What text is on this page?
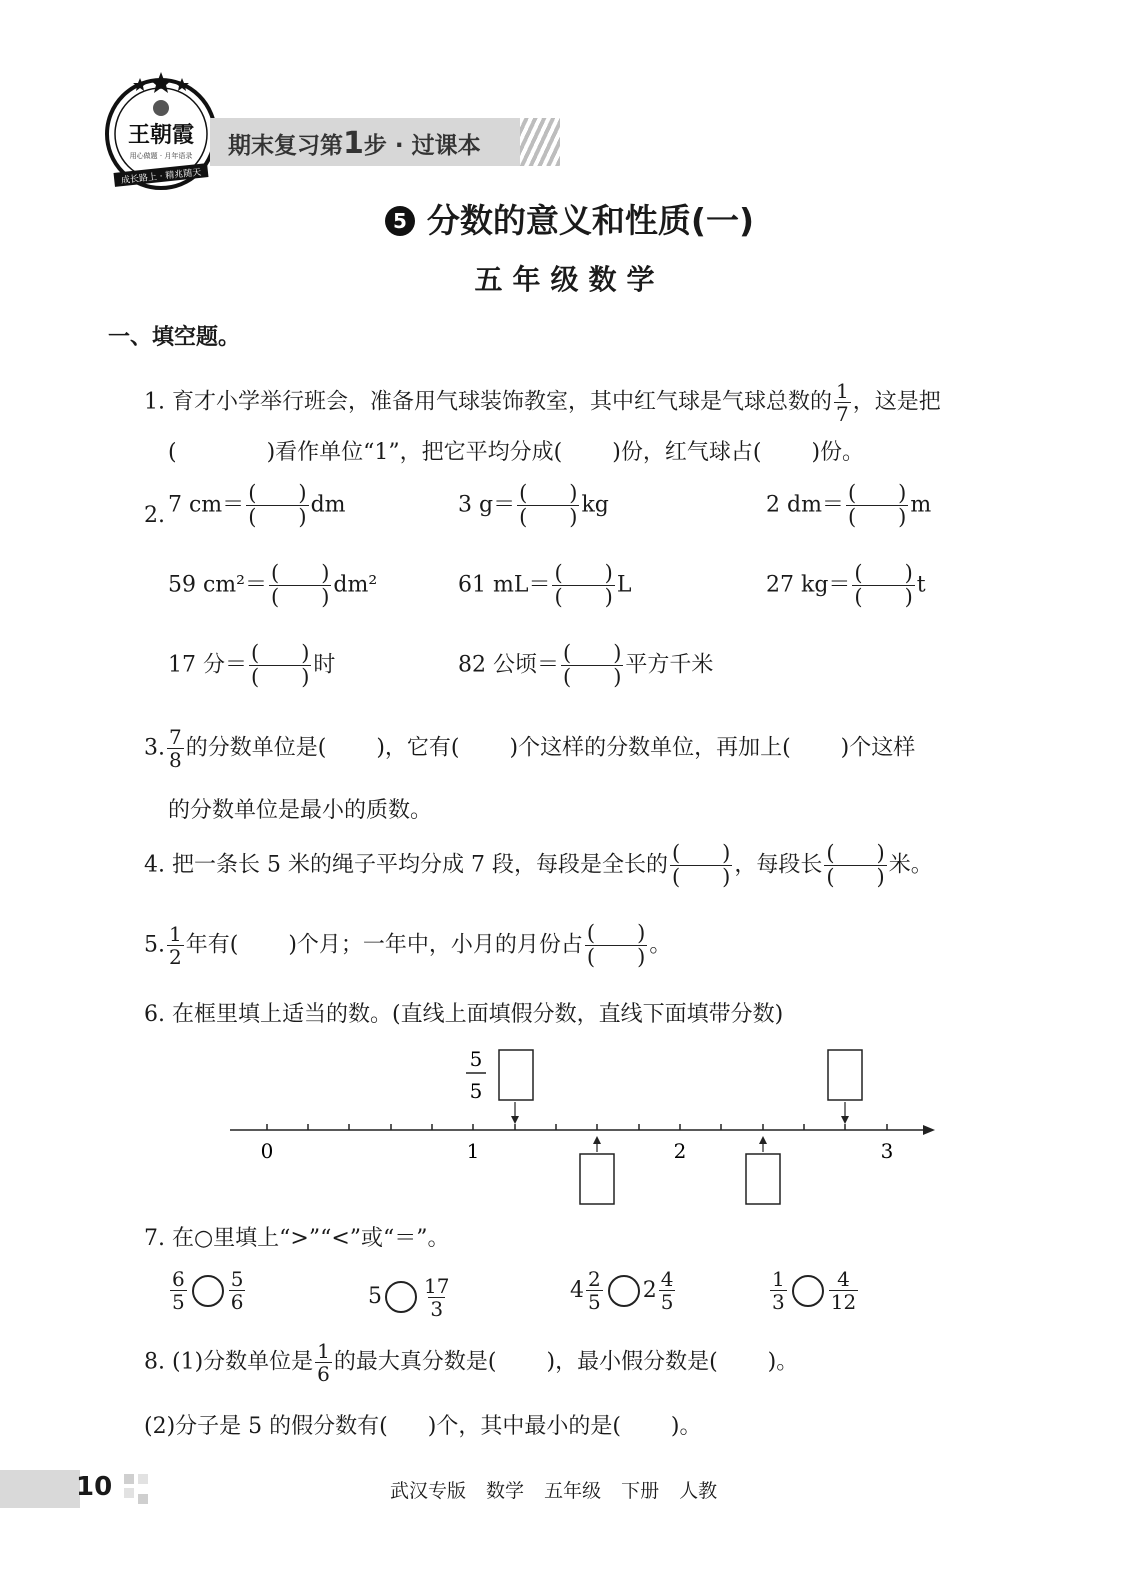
王朝霞
用心做题 · 月年语录
成长路上 · 精兆随天
期末复习第1步 · 过课本
5 分数的意义和性质(一)
五年级数学
一、填空题。
1. 育才小学举行班会，准备用气球装饰教室，其中红气球是气球总数的 $\frac{1}{7}$ ，这是把
(	)看作单位“1”，把它平均分成( )份，红气球占( )份。
2. 7 $cm= \frac{( )}{( )}$ dm	3 $g= \frac{( )}{( )}$ kg	2 $dm= \frac{( )}{( )}$ m
59 $cm^2= \frac{( )}{( )} dm^2$	61 $mL= \frac{( )}{( )}$ L	27 $kg= \frac{( )}{( )}$ t
17 分＝ $\frac{( )}{( )}$ 时	82 公顷＝ $\frac{( )}{( )}$ 平方千米
3. $\frac{7}{8}$ 的分数单位是( )，它有( )个这样的分数单位，再加上( )个这样
的分数单位是最小的质数。
4. 把一条长 5 米的绳子平均分成 7 段，每段是全长的 $\frac{( )}{( )}$ ，每段长 $\frac{( )}{( )}$ 米。
5. $\frac{1}{2}$ 年有( )个月；一年中，小月的月份占 $\frac{( )}{( )}$ 。
6. 在框里填上适当的数。(直线上面填假分数，直线下面填带分数)
0	1	2	3
5
5
7. 在○里填上“>”“<”或“＝”。
$\frac{6}{5} \frac{5}{6}$	$5 \frac{17}{3}$	$4 \frac{2}{5} 2 \frac{4}{5}$	$\frac{1}{3} \frac{4}{12}$
8. (1)分数单位是 $\frac{1}{6}$ 的最大真分数是( )，最小假分数是( )。
(2)分子是 5 的假分数有( )个，其中最小的是( )。
10	武汉专版 数学 五年级 下册 人教
